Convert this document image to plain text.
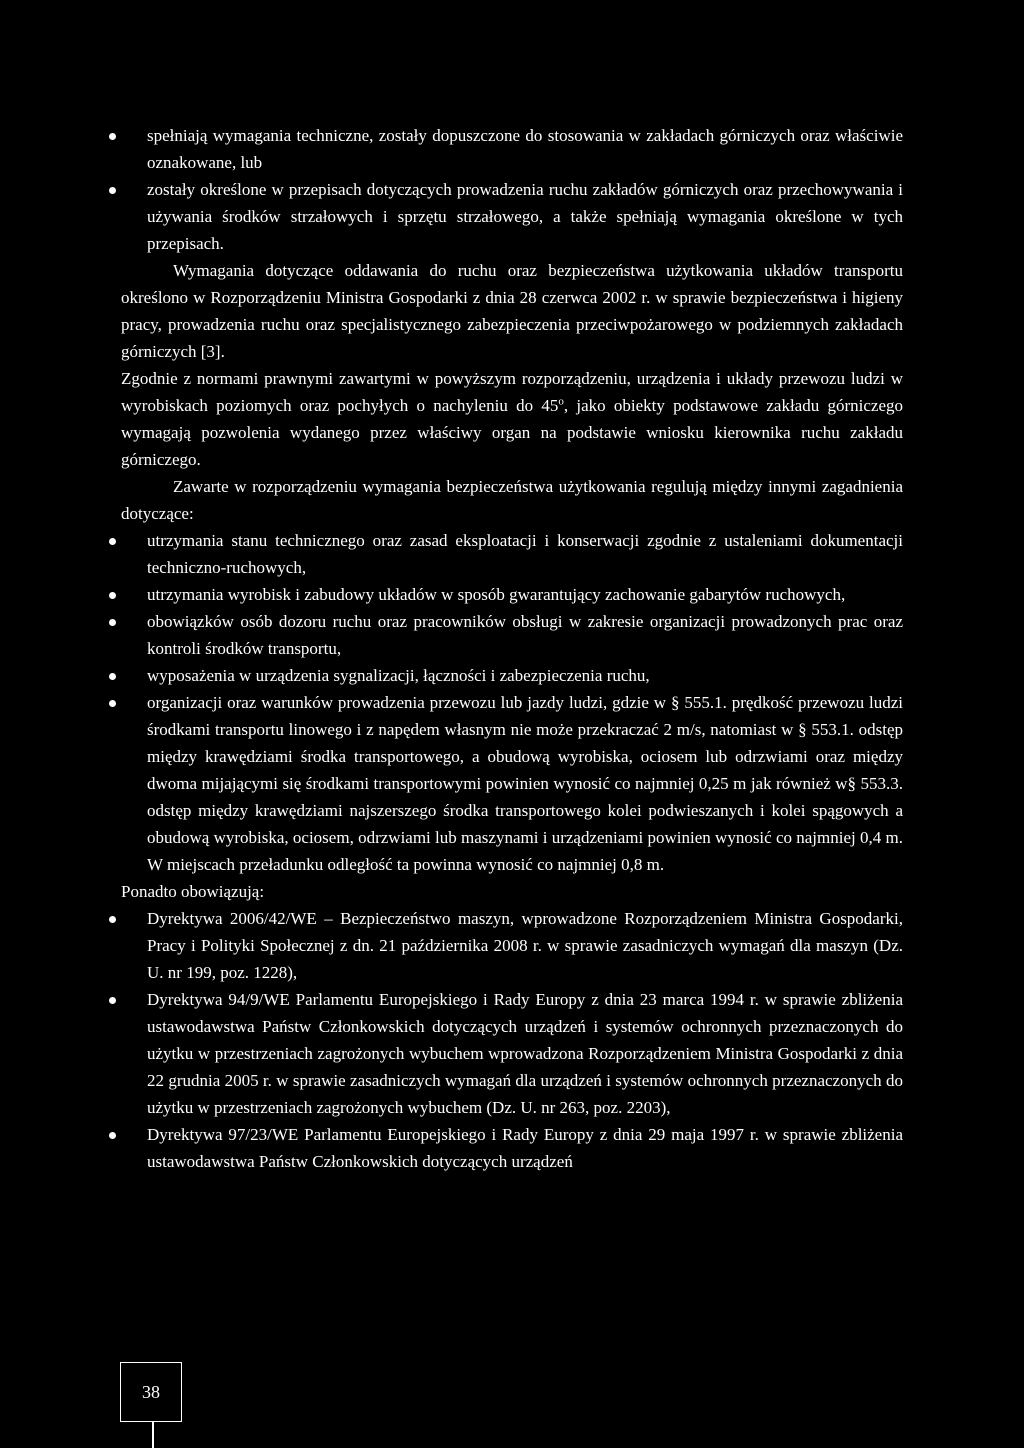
spełniają wymagania techniczne, zostały dopuszczone do stosowania w zakładach górniczych oraz właściwie oznakowane, lub
zostały określone w przepisach dotyczących prowadzenia ruchu zakładów górniczych oraz przechowywania i używania środków strzałowych i sprzętu strzałowego, a także spełniają wymagania określone w tych przepisach.

Wymagania dotyczące oddawania do ruchu oraz bezpieczeństwa użytkowania układów transportu określono w Rozporządzeniu Ministra Gospodarki z dnia 28 czerwca 2002 r. w sprawie bezpieczeństwa i higieny pracy, prowadzenia ruchu oraz specjalistycznego zabezpieczenia przeciwpożarowego w podziemnych zakładach górniczych [3].

Zgodnie z normami prawnymi zawartymi w powyższym rozporządzeniu, urządzenia i układy przewozu ludzi w wyrobiskach poziomych oraz pochyłych o nachyleniu do 45$^o$, jako obiekty podstawowe zakładu górniczego wymagają pozwolenia wydanego przez właściwy organ na podstawie wniosku kierownika ruchu zakładu górniczego.

Zawarte w rozporządzeniu wymagania bezpieczeństwa użytkowania regulują między innymi zagadnienia dotyczące:

utrzymania stanu technicznego oraz zasad eksploatacji i konserwacji zgodnie z ustaleniami dokumentacji techniczno-ruchowych,
utrzymania wyrobisk i zabudowy układów w sposób gwarantujący zachowanie gabarytów ruchowych,
obowiązków osób dozoru ruchu oraz pracowników obsługi w zakresie organizacji prowadzonych prac oraz kontroli środków transportu,
wyposażenia w urządzenia sygnalizacji, łączności i zabezpieczenia ruchu,
organizacji oraz warunków prowadzenia przewozu lub jazdy ludzi, gdzie w § 555.1. prędkość przewozu ludzi środkami transportu linowego i z napędem własnym nie może przekraczać 2 m/s, natomiast w § 553.1. odstęp między krawędziami środka transportowego, a obudową wyrobiska, ociosem lub odrzwiami oraz między dwoma mijającymi się środkami transportowymi powinien wynosić co najmniej 0,25 m jak również w§ 553.3. odstęp między krawędziami najszerszego środka transportowego kolei podwieszanych i kolei spągowych a obudową wyrobiska, ociosem, odrzwiami lub maszynami i urządzeniami powinien wynosić co najmniej 0,4 m. W miejscach przeładunku odległość ta powinna wynosić co najmniej 0,8 m.

Ponadto obowiązują:

Dyrektywa 2006/42/WE – Bezpieczeństwo maszyn, wprowadzone Rozporządzeniem Ministra Gospodarki, Pracy i Polityki Społecznej z dn. 21 października 2008 r. w sprawie zasadniczych wymagań dla maszyn (Dz. U. nr 199, poz. 1228),
Dyrektywa 94/9/WE Parlamentu Europejskiego i Rady Europy z dnia 23 marca 1994 r. w sprawie zbliżenia ustawodawstwa Państw Członkowskich dotyczących urządzeń i systemów ochronnych przeznaczonych do użytku w przestrzeniach zagrożonych wybuchem wprowadzona Rozporządzeniem Ministra Gospodarki z dnia 22 grudnia 2005 r. w sprawie zasadniczych wymagań dla urządzeń i systemów ochronnych przeznaczonych do użytku w przestrzeniach zagrożonych wybuchem (Dz. U. nr 263, poz. 2203),
Dyrektywa 97/23/WE Parlamentu Europejskiego i Rady Europy z dnia 29 maja 1997 r. w sprawie zbliżenia ustawodawstwa Państw Członkowskich dotyczących urządzeń
38
